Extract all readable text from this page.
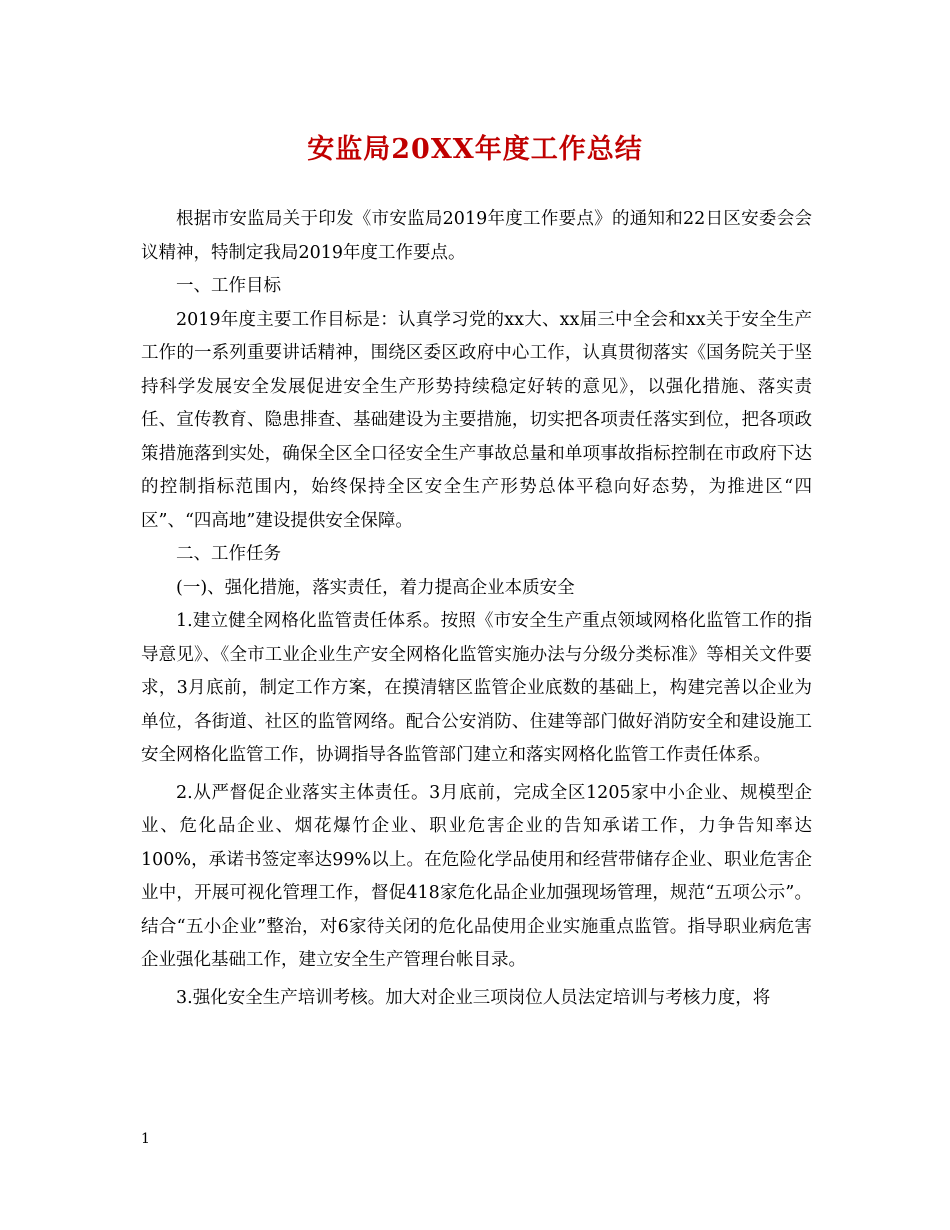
安监局20XX年度工作总结

根据市安监局关于印发《市安监局2019年度工作要点》的通知和22日区安委会会议精神，特制定我局2019年度工作要点。

一、工作目标

2019年度主要工作目标是：认真学习党的xx大、xx届三中全会和xx关于安全生产工作的一系列重要讲话精神，围绕区委区政府中心工作，认真贯彻落实《国务院关于坚持科学发展安全发展促进安全生产形势持续稳定好转的意见》，以强化措施、落实责任、宣传教育、隐患排查、基础建设为主要措施，切实把各项责任落实到位，把各项政策措施落到实处，确保全区全口径安全生产事故总量和单项事故指标控制在市政府下达的控制指标范围内，始终保持全区安全生产形势总体平稳向好态势，为推进区“四区”、“四高地”建设提供安全保障。

二、工作任务

(一)、强化措施，落实责任，着力提高企业本质安全

1.建立健全网格化监管责任体系。按照《市安全生产重点领域网格化监管工作的指导意见》、《全市工业企业生产安全网格化监管实施办法与分级分类标准》等相关文件要求，3月底前，制定工作方案，在摸清辖区监管企业底数的基础上，构建完善以企业为单位，各街道、社区的监管网络。配合公安消防、住建等部门做好消防安全和建设施工安全网格化监管工作，协调指导各监管部门建立和落实网格化监管工作责任体系。

2.从严督促企业落实主体责任。3月底前，完成全区1205家中小企业、规模型企业、危化品企业、烟花爆竹企业、职业危害企业的告知承诺工作，力争告知率达100%，承诺书签定率达99%以上。在危险化学品使用和经营带储存企业、职业危害企业中，开展可视化管理工作，督促418家危化品企业加强现场管理，规范“五项公示”。结合“五小企业”整治，对6家待关闭的危化品使用企业实施重点监管。指导职业病危害企业强化基础工作，建立安全生产管理台帐目录。

3.强化安全生产培训考核。加大对企业三项岗位人员法定培训与考核力度，将

1
